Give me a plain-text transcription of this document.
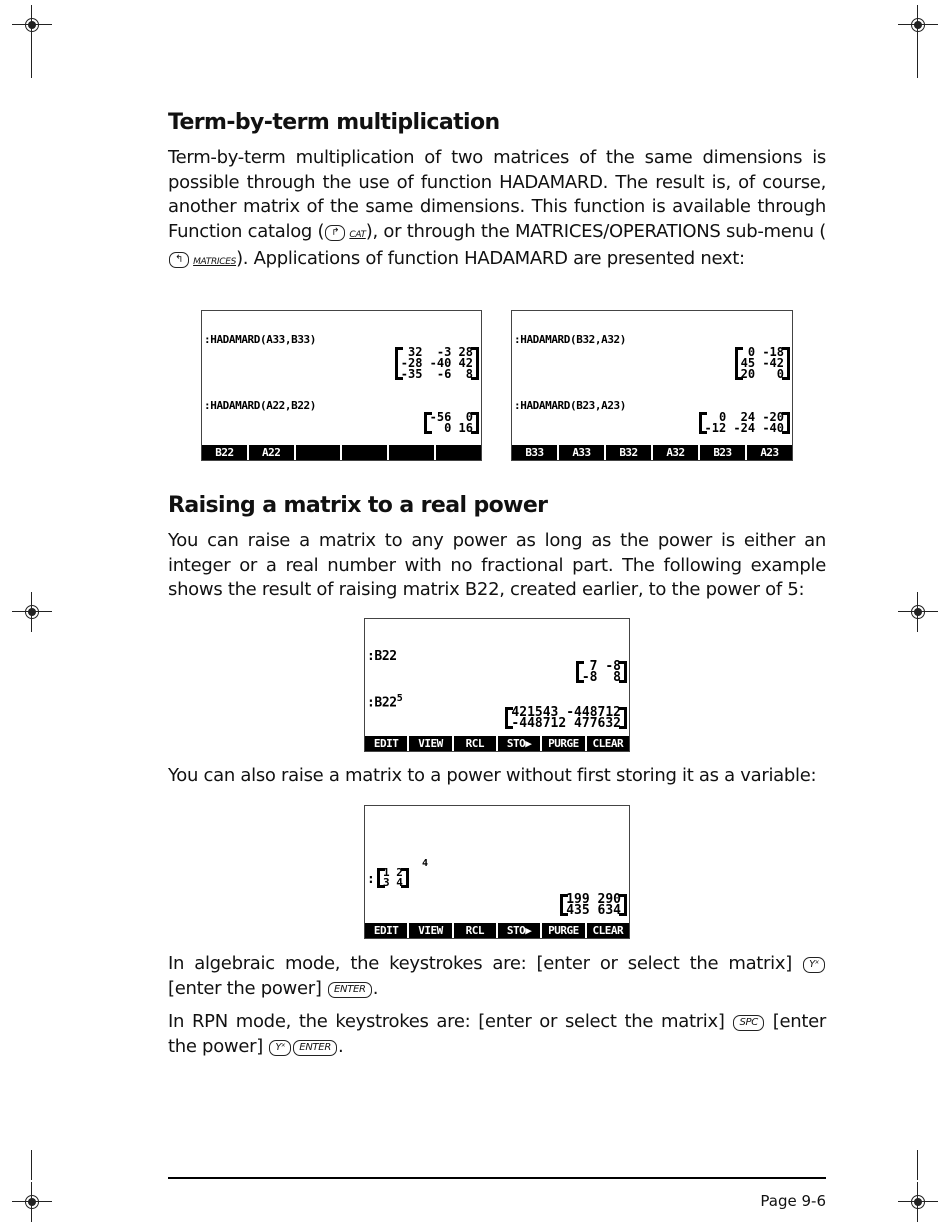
Term-by-term multiplication
Term-by-term multiplication of two matrices of the same dimensions is possible through the use of function HADAMARD. The result is, of course, another matrix of the same dimensions. This function is available through Function catalog ( ↱ CAT), or through the MATRICES/OPERATIONS sub-menu (↰ MATRICES). Applications of function HADAMARD are presented next:
:HADAMARD(A33,B33)
32  -3 28
-28 -40 42
-35  -6  8
:HADAMARD(A22,B22)
-56  0
0 16
B22	A22
:HADAMARD(B32,A32)
0 -18
45 -42
20   0
:HADAMARD(B23,A23)
0  24 -20
-12 -24 -40
B33	A33	B32	A32	B23	A23
Raising a matrix to a real power
You can raise a matrix to any power as long as the power is either an integer or a real number with no fractional part. The following example shows the result of raising matrix B22, created earlier, to the power of 5:
:B22
7 -8
-8  8
$:B22^5$
421543 -448712
-448712 477632
EDIT	VIEW	RCL	STO▶	PURGE	CLEAR
You can also raise a matrix to a power without first storing it as a variable:
: 1 2
3 4
4
199 290
435 634
EDIT	VIEW	RCL	STO▶	PURGE	CLEAR
In algebraic mode, the keystrokes are: [enter or select the matrix] Yˣ [enter the power] ENTER .
In RPN mode, the keystrokes are: [enter or select the matrix] SPC [enter the power] Yˣ ENTER .
Page 9-6
